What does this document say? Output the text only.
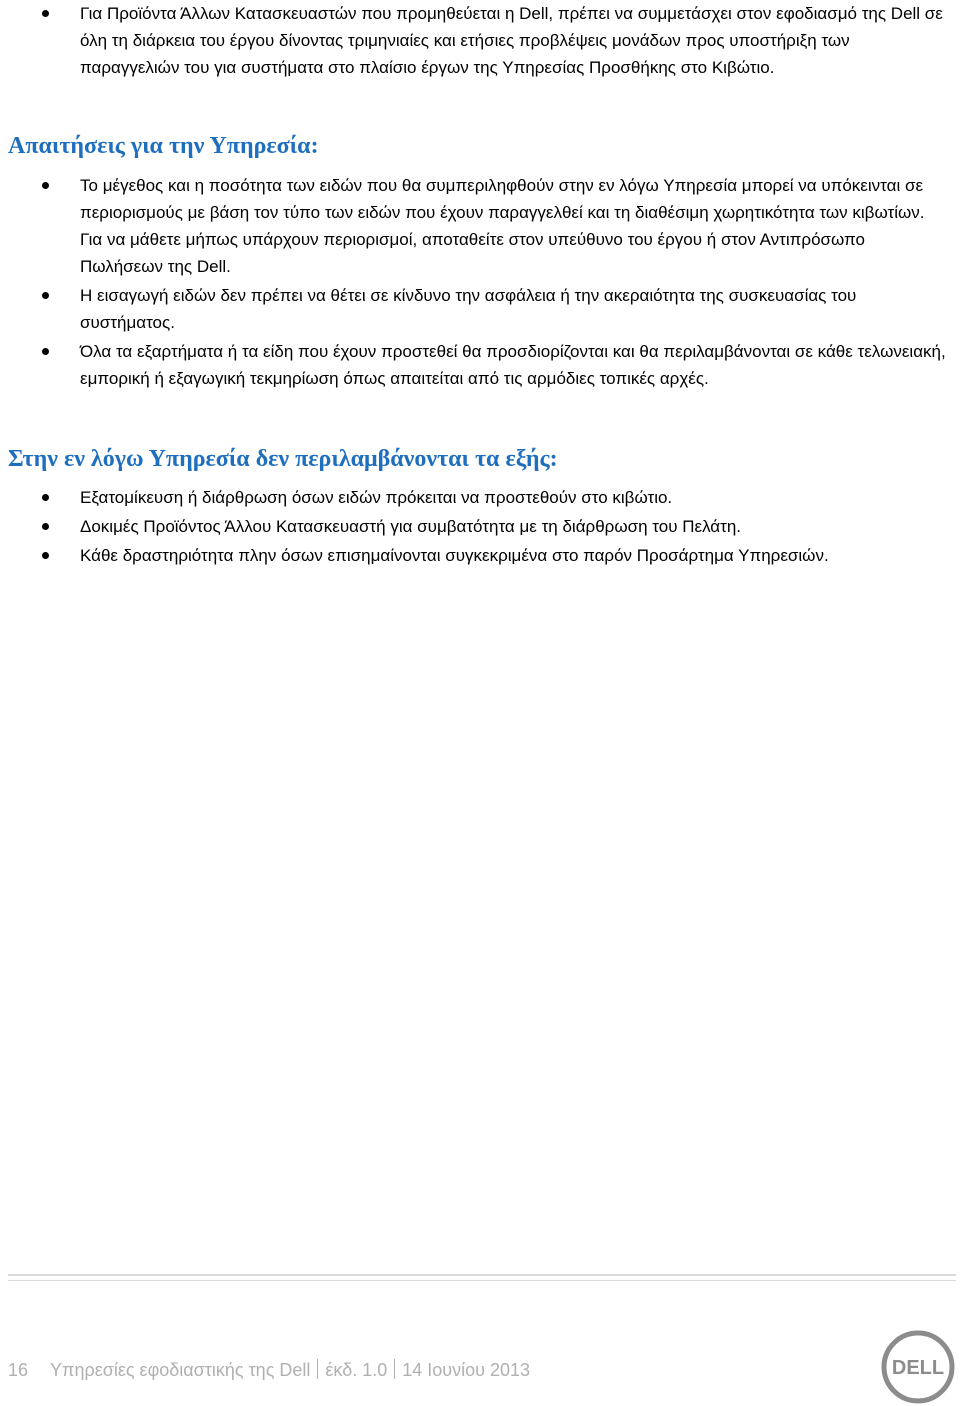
Για Προϊόντα Άλλων Κατασκευαστών που προμηθεύεται η Dell, πρέπει να συμμετάσχει στον εφοδιασμό της Dell σε όλη τη διάρκεια του έργου δίνοντας τριμηνιαίες και ετήσιες προβλέψεις μονάδων προς υποστήριξη των παραγγελιών του για συστήματα στο πλαίσιο έργων της Υπηρεσίας Προσθήκης στο Κιβώτιο.
Απαιτήσεις για την Υπηρεσία:
Το μέγεθος και η ποσότητα των ειδών που θα συμπεριληφθούν στην εν λόγω Υπηρεσία μπορεί να υπόκεινται σε περιορισμούς με βάση τον τύπο των ειδών που έχουν παραγγελθεί και τη διαθέσιμη χωρητικότητα των κιβωτίων. Για να μάθετε μήπως υπάρχουν περιορισμοί, αποταθείτε στον υπεύθυνο του έργου ή στον Αντιπρόσωπο Πωλήσεων της Dell.
Η εισαγωγή ειδών δεν πρέπει να θέτει σε κίνδυνο την ασφάλεια ή την ακεραιότητα της συσκευασίας του συστήματος.
Όλα τα εξαρτήματα ή τα είδη που έχουν προστεθεί θα προσδιορίζονται και θα περιλαμβάνονται σε κάθε τελωνειακή, εμπορική ή εξαγωγική τεκμηρίωση όπως απαιτείται από τις αρμόδιες τοπικές αρχές.
Στην εν λόγω Υπηρεσία δεν περιλαμβάνονται τα εξής:
Εξατομίκευση ή διάρθρωση όσων ειδών πρόκειται να προστεθούν στο κιβώτιο.
Δοκιμές Προϊόντος Άλλου Κατασκευαστή για συμβατότητα με τη διάρθρωση του Πελάτη.
Κάθε δραστηριότητα πλην όσων επισημαίνονται συγκεκριμένα στο παρόν Προσάρτημα Υπηρεσιών.
16 Υπηρεσίες εφοδιαστικής της Dell έκδ. 1.0 14 Ιουνίου 2013	DELL
